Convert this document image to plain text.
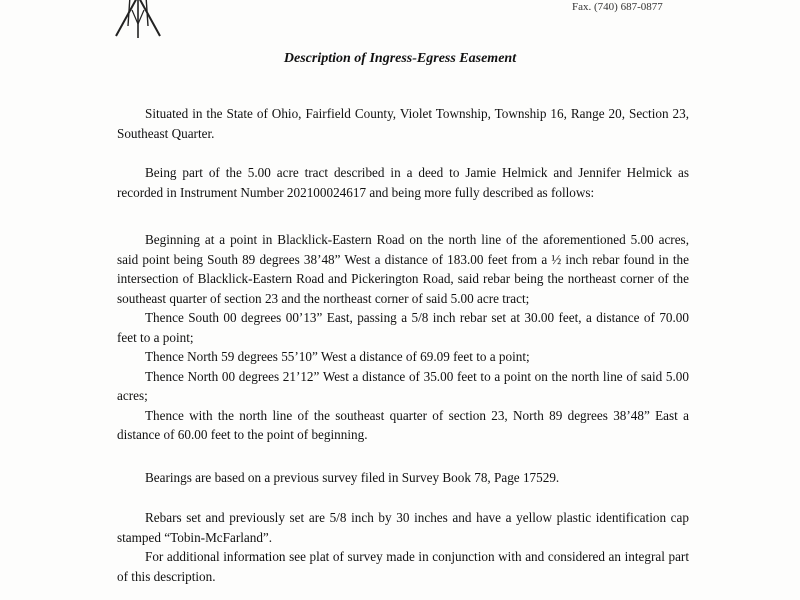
Fax. (740) 687-0877
Description of Ingress-Egress Easement

Situated in the State of Ohio, Fairfield County, Violet Township, Township 16, Range 20, Section 23, Southeast Quarter.

Being part of the 5.00 acre tract described in a deed to Jamie Helmick and Jennifer Helmick as recorded in Instrument Number 202100024617 and being more fully described as follows:

Beginning at a point in Blacklick-Eastern Road on the north line of the aforementioned 5.00 acres, said point being South 89 degrees 38’48” West a distance of 183.00 feet from a ½ inch rebar found in the intersection of Blacklick-Eastern Road and Pickerington Road, said rebar being the northeast corner of the southeast quarter of section 23 and the northeast corner of said 5.00 acre tract;

Thence South 00 degrees 00’13” East, passing a 5/8 inch rebar set at 30.00 feet, a distance of 70.00 feet to a point;

Thence North 59 degrees 55’10” West a distance of 69.09 feet to a point;

Thence North 00 degrees 21’12” West a distance of 35.00 feet to a point on the north line of said 5.00 acres;

Thence with the north line of the southeast quarter of section 23, North 89 degrees 38’48” East a distance of 60.00 feet to the point of beginning.

Bearings are based on a previous survey filed in Survey Book 78, Page 17529.

Rebars set and previously set are 5/8 inch by 30 inches and have a yellow plastic identification cap stamped “Tobin-McFarland”.

For additional information see plat of survey made in conjunction with and considered an integral part of this description.
